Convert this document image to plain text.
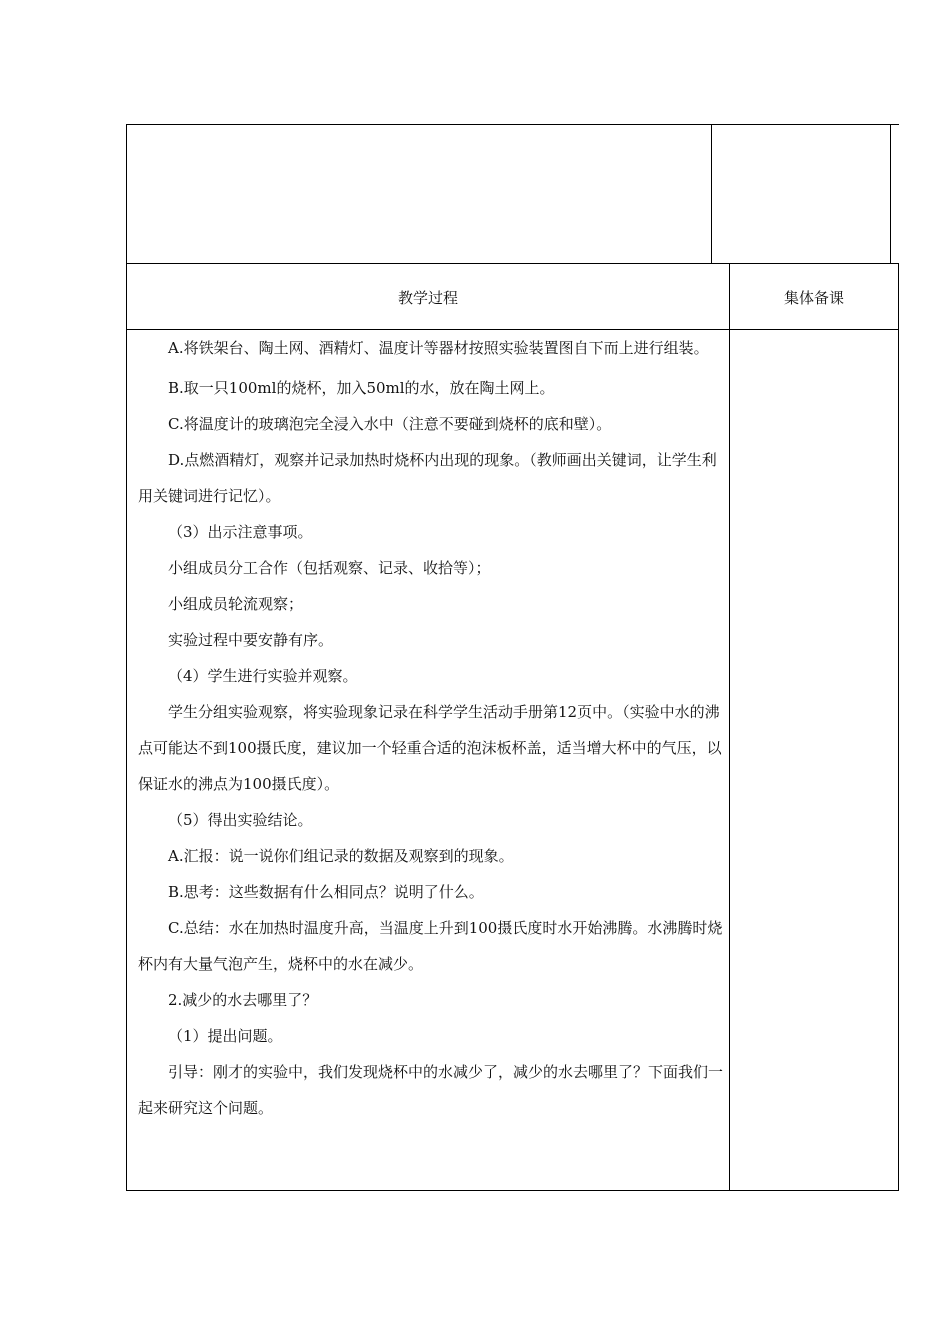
教学过程	集体备课

A.将铁架台、陶土网、酒精灯、温度计等器材按照实验装置图自下而上进行组装。

B.取一只100ml的烧杯，加入50ml的水，放在陶土网上。

C.将温度计的玻璃泡完全浸入水中（注意不要碰到烧杯的底和壁）。

D.点燃酒精灯，观察并记录加热时烧杯内出现的现象。（教师画出关键词，让学生利用关键词进行记忆）。

（3）出示注意事项。

小组成员分工合作（包括观察、记录、收拾等）；

小组成员轮流观察；

实验过程中要安静有序。

（4）学生进行实验并观察。

学生分组实验观察，将实验现象记录在科学学生活动手册第12页中。（实验中水的沸点可能达不到100摄氏度，建议加一个轻重合适的泡沫板杯盖，适当增大杯中的气压，以保证水的沸点为100摄氏度）。

（5）得出实验结论。

A.汇报：说一说你们组记录的数据及观察到的现象。

B.思考：这些数据有什么相同点？说明了什么。

C.总结：水在加热时温度升高，当温度上升到100摄氏度时水开始沸腾。水沸腾时烧杯内有大量气泡产生，烧杯中的水在减少。

2.减少的水去哪里了？

（1）提出问题。

引导：刚才的实验中，我们发现烧杯中的水减少了，减少的水去哪里了？下面我们一起来研究这个问题。
